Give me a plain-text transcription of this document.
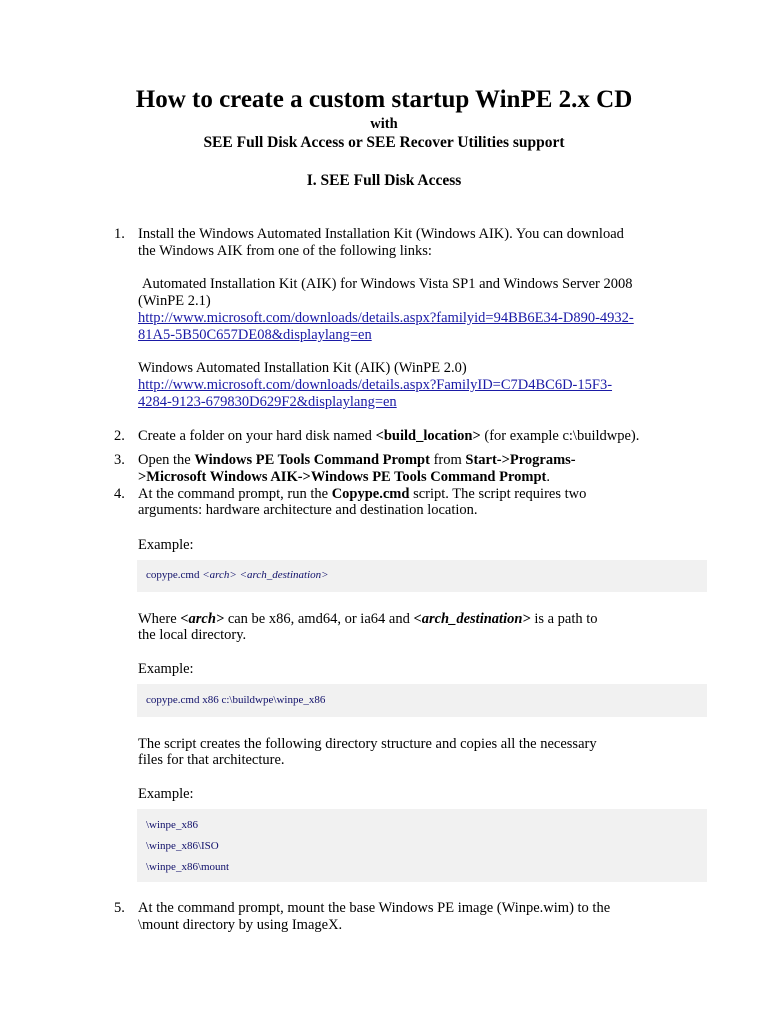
How to create a custom startup WinPE 2.x CD
with
SEE Full Disk Access or SEE Recover Utilities support
I. SEE Full Disk Access
1. Install the Windows Automated Installation Kit (Windows AIK). You can download
the Windows AIK from one of the following links:
Automated Installation Kit (AIK) for Windows Vista SP1 and Windows Server 2008
(WinPE 2.1)
http://www.microsoft.com/downloads/details.aspx?familyid=94BB6E34-D890-4932-
81A5-5B50C657DE08&displaylang=en
Windows Automated Installation Kit (AIK) (WinPE 2.0)
http://www.microsoft.com/downloads/details.aspx?FamilyID=C7D4BC6D-15F3-
4284-9123-679830D629F2&displaylang=en
2. Create a folder on your hard disk named <build_location> (for example c:\buildwpe).
3. Open the Windows PE Tools Command Prompt from Start->Programs-
>Microsoft Windows AIK->Windows PE Tools Command Prompt.
4. At the command prompt, run the Copype.cmd script. The script requires two
arguments: hardware architecture and destination location.
Example:
copype.cmd <arch> <arch_destination>
Where <arch> can be x86, amd64, or ia64 and <arch_destination> is a path to
the local directory.
Example:
copype.cmd x86 c:\buildwpe\winpe_x86
The script creates the following directory structure and copies all the necessary
files for that architecture.
Example:
\winpe_x86
\winpe_x86\ISO
\winpe_x86\mount
5. At the command prompt, mount the base Windows PE image (Winpe.wim) to the
\mount directory by using ImageX.
